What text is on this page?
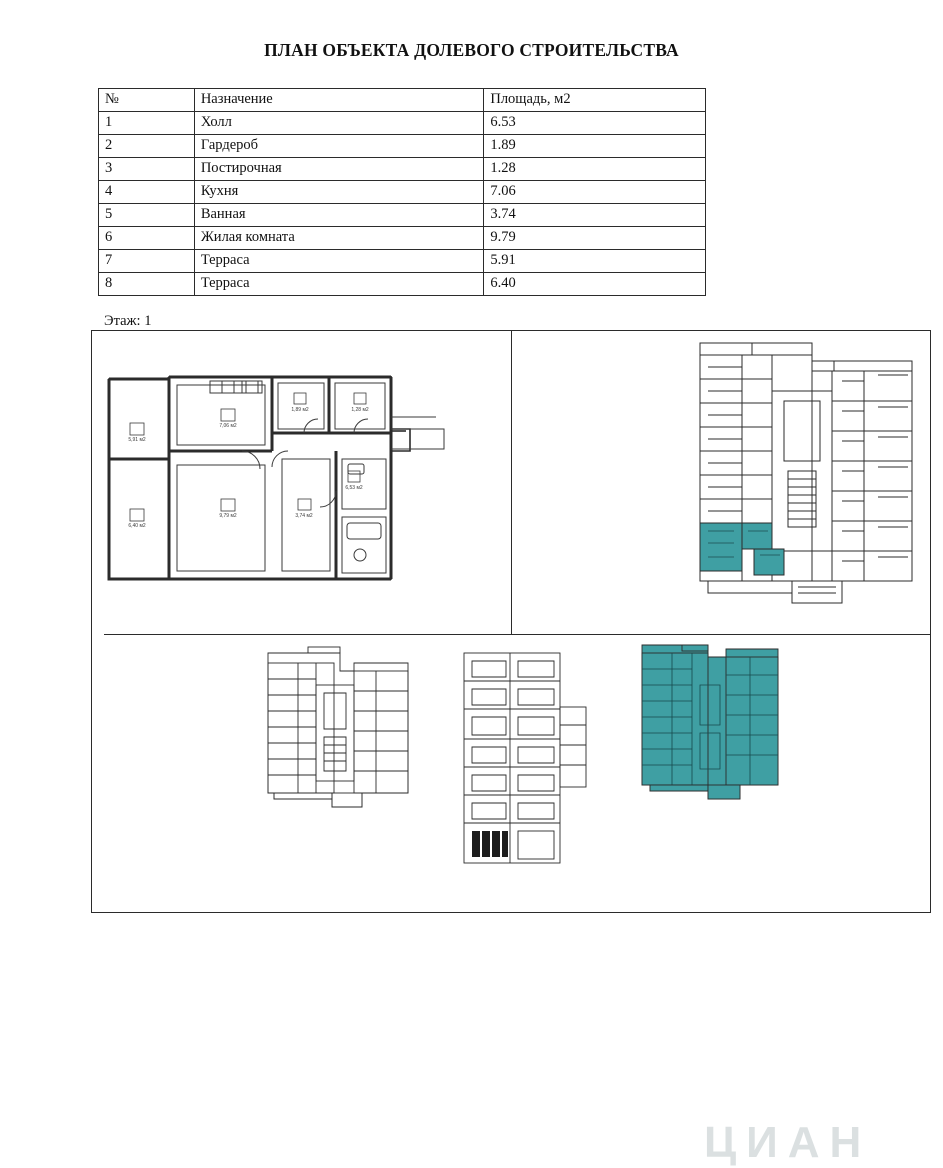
ПЛАН ОБЪЕКТА ДОЛЕВОГО СТРОИТЕЛЬСТВА
№	Назначение	Площадь, м2
1	Холл	6.53
2	Гардероб	1.89
3	Постирочная	1.28
4	Кухня	7.06
5	Ванная	3.74
6	Жилая комната	9.79
7	Терраса	5.91
8	Терраса	6.40
Этаж: 1
5,91 м2
7,06 м2
1,89 м2	1,28 м2
6,53 м2
6,40 м2
9,79 м2	3,74 м2
ЦИАН
